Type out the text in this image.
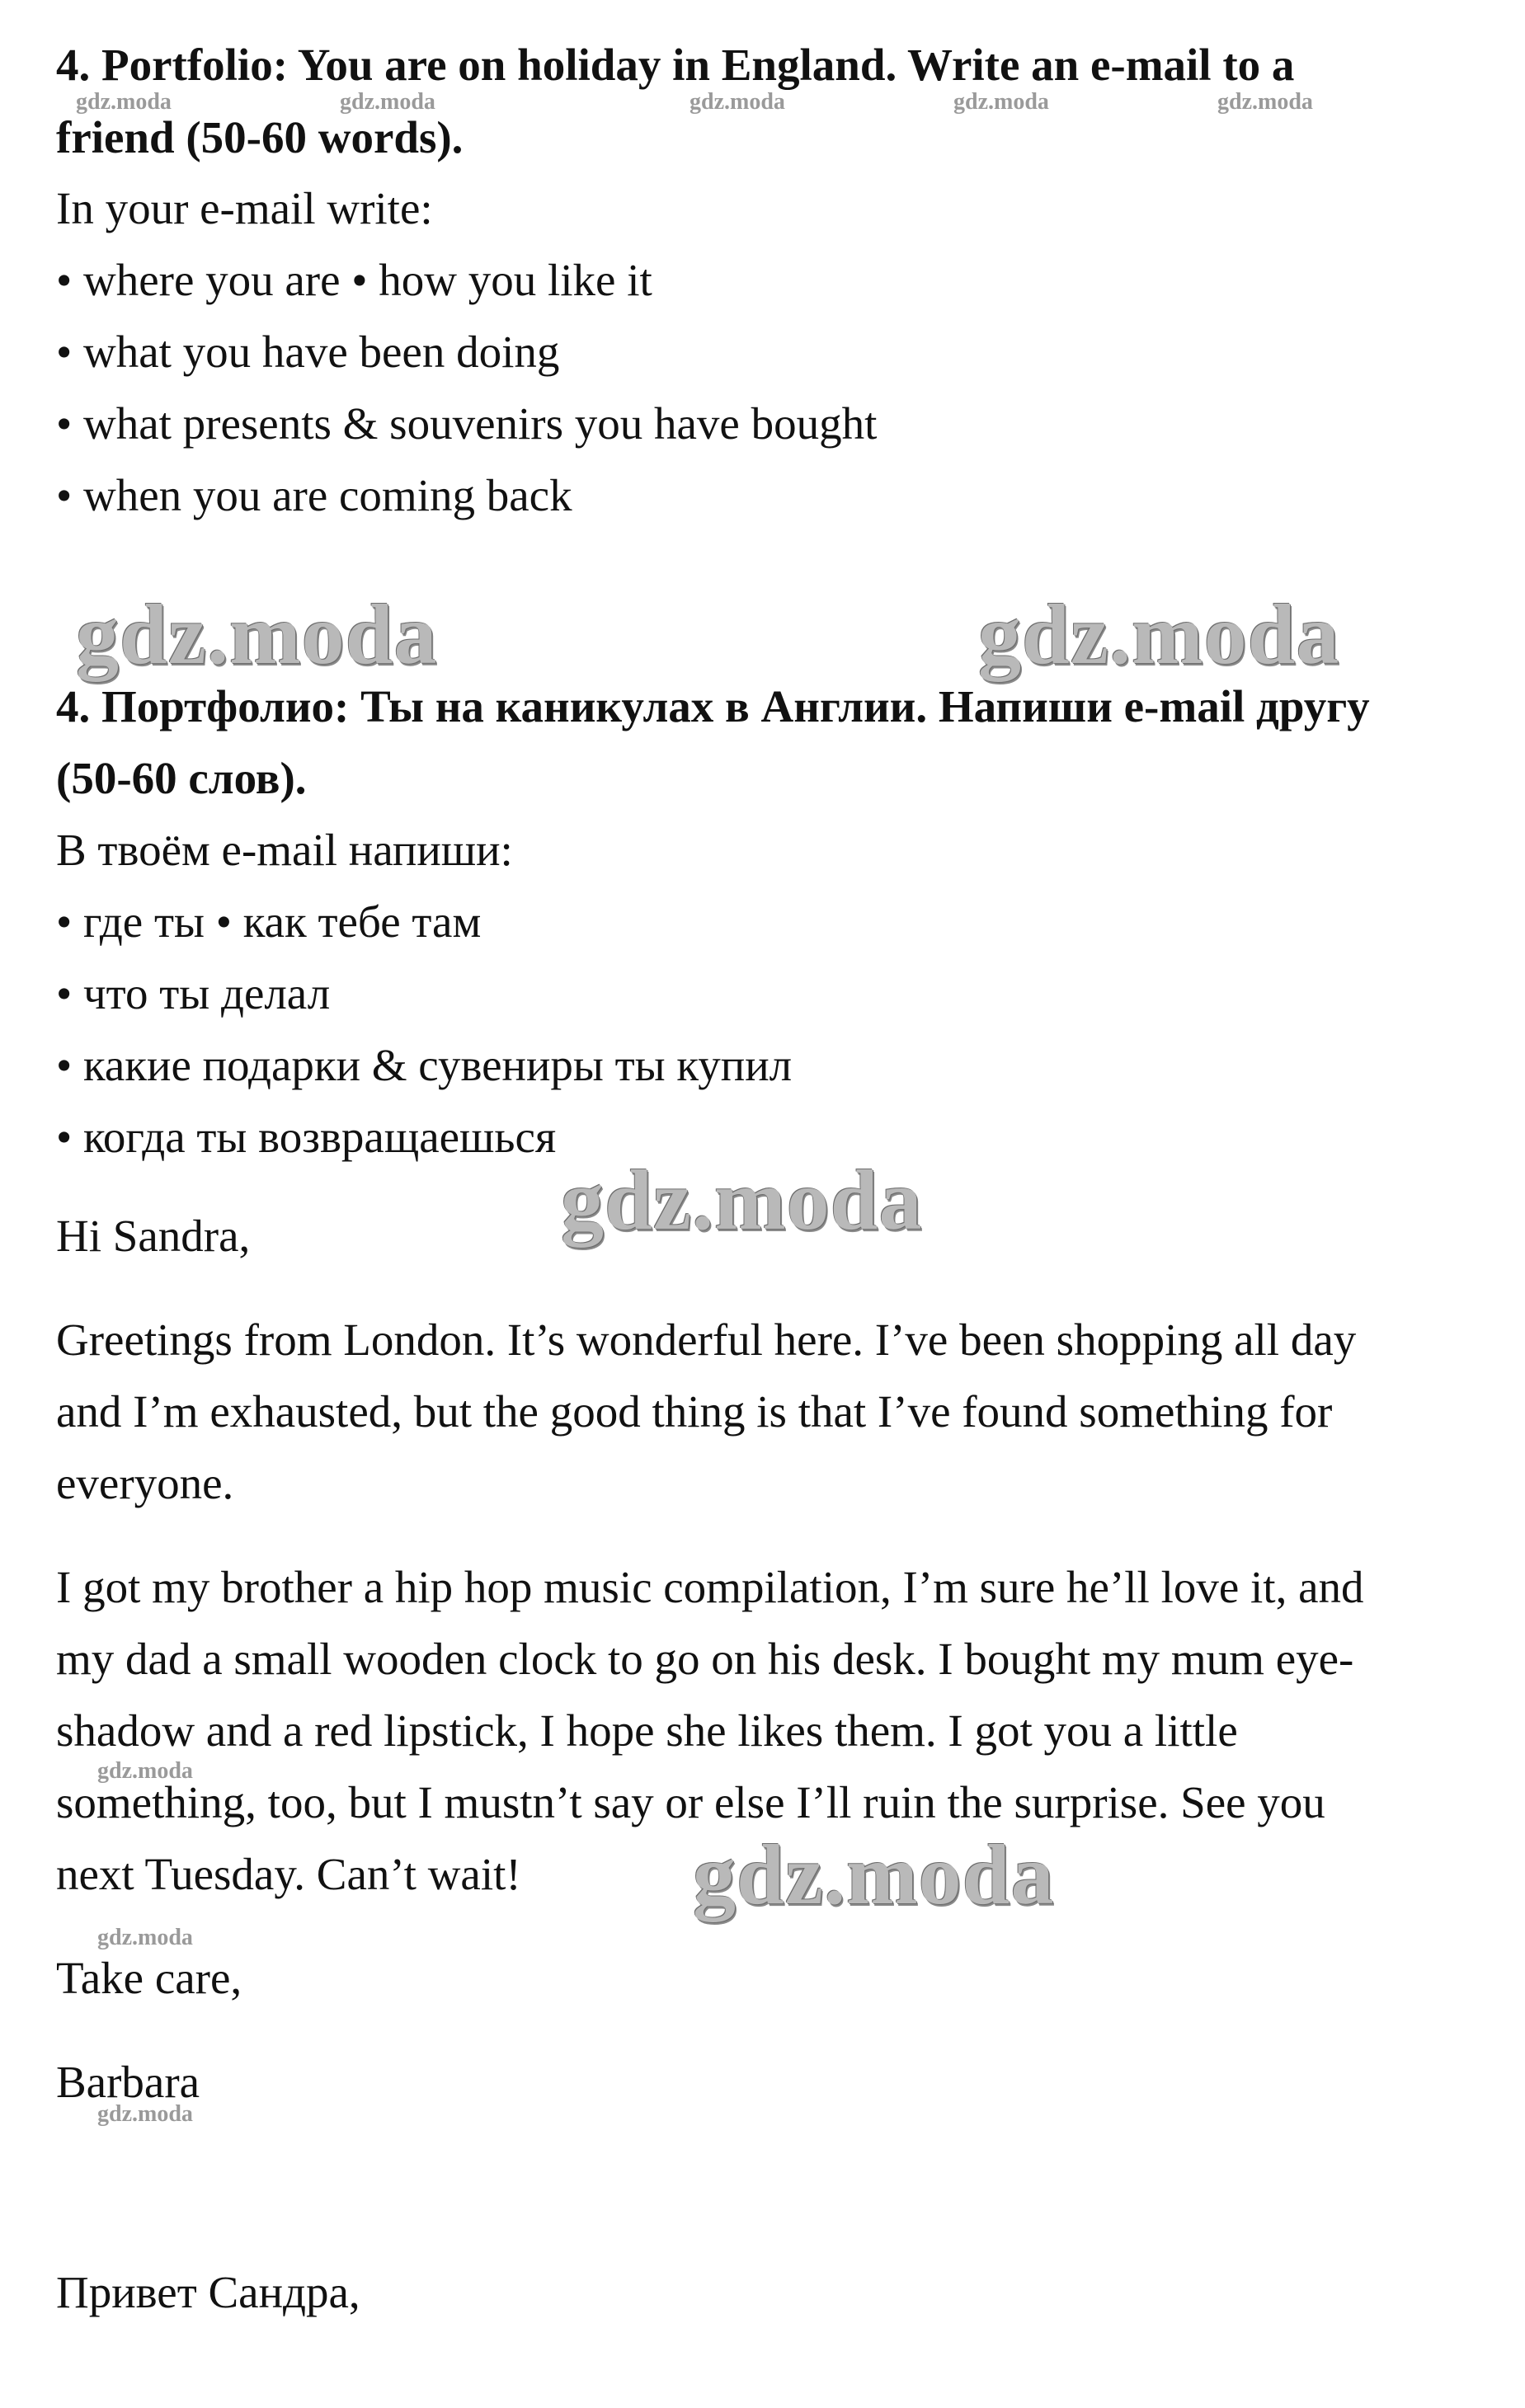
4. Portfolio: You are on holiday in England. Write an e-mail to a

friend (50-60 words).

In your e-mail write:

• where you are • how you like it

• what you have been doing

• what presents & souvenirs you have bought

• when you are coming back

4. Портфолио: Ты на каникулах в Англии. Напиши e-mail другу

(50-60 слов).

В твоём e-mail напиши:

• где ты • как тебе там

• что ты делал

• какие подарки & сувениры ты купил

• когда ты возвращаешься

Hi Sandra,

Greetings from London. It’s wonderful here. I’ve been shopping all day

and I’m exhausted, but the good thing is that I’ve found something for

everyone.

I got my brother a hip hop music compilation, I’m sure he’ll love it, and

my dad a small wooden clock to go on his desk. I bought my mum eye-

shadow and a red lipstick, I hope she likes them. I got you a little

something, too, but I mustn’t say or else I’ll ruin the surprise. See you

next Tuesday. Can’t wait!

Take care,

Barbara

Привет Сандра,

gdz.moda	gdz.moda	gdz.moda	gdz.moda	gdz.moda
gdz.moda
gdz.moda
gdz.moda
gdz.moda	gdz.moda
gdz.moda
gdz.moda
